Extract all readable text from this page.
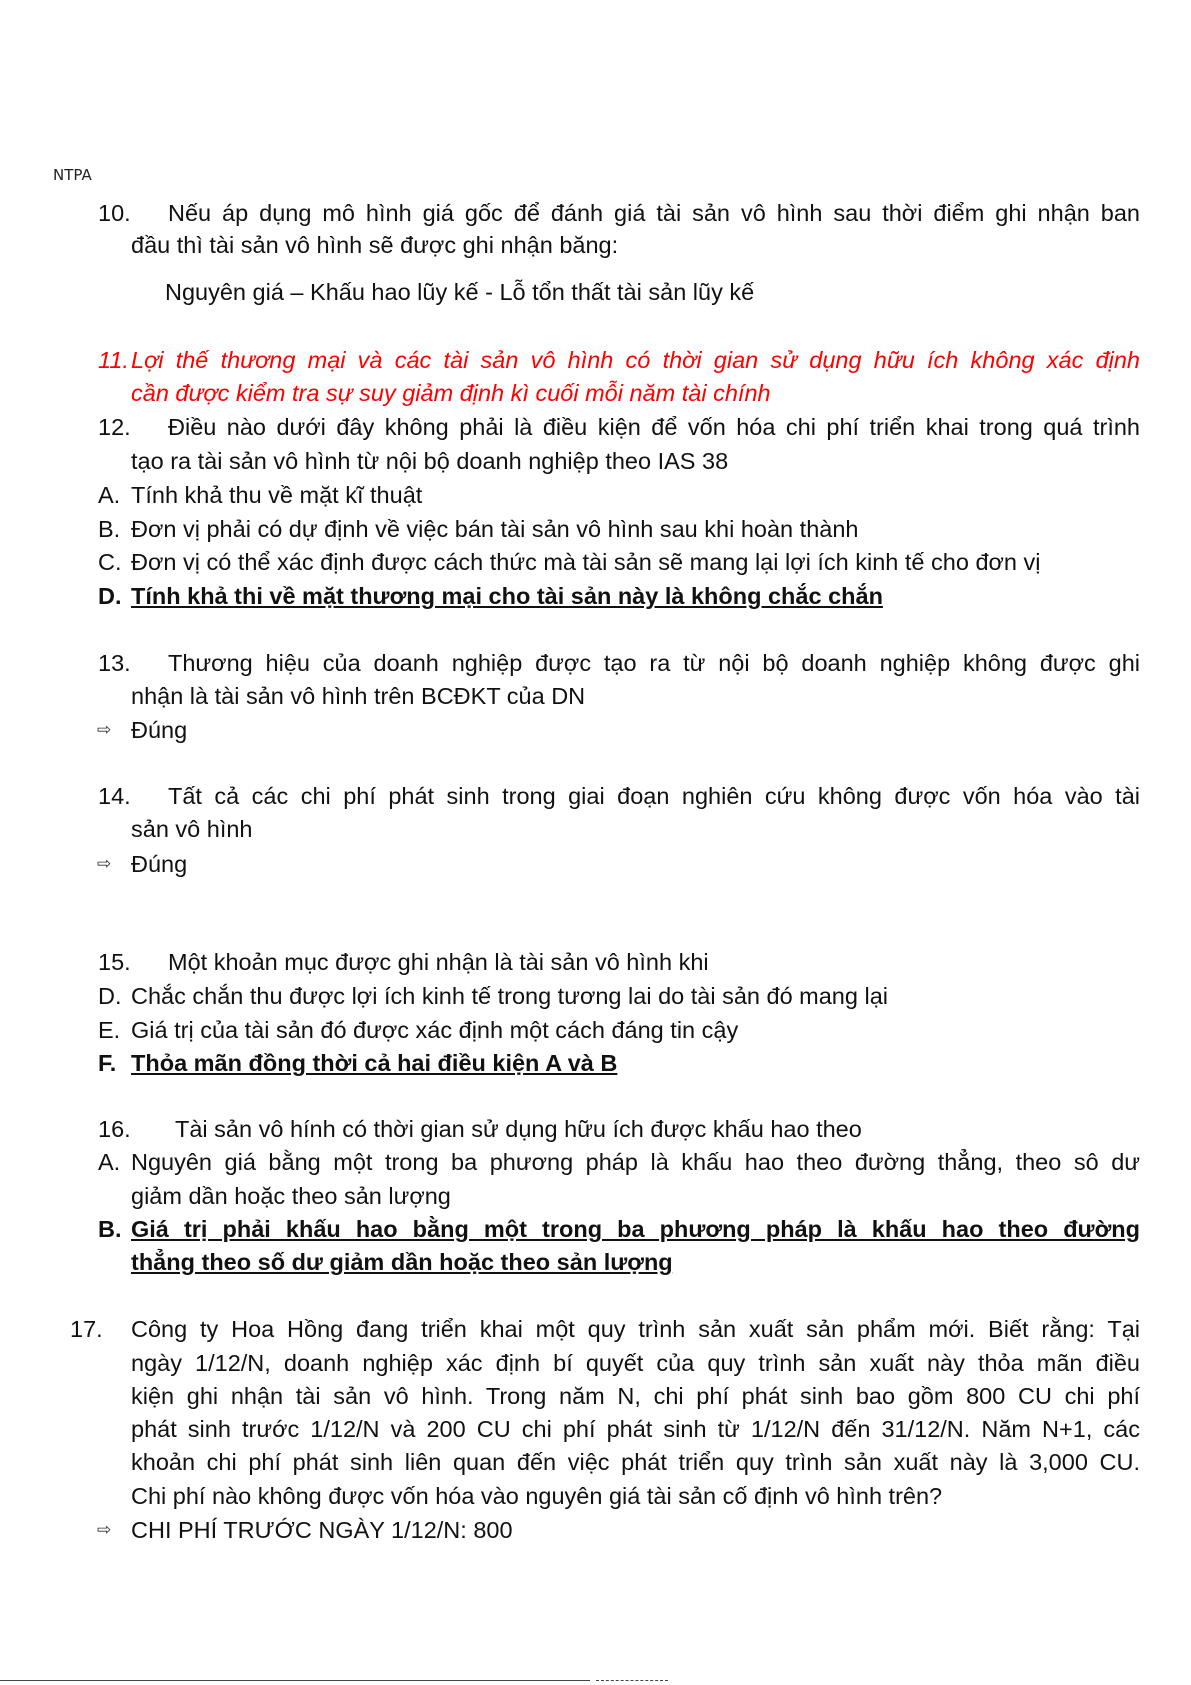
NTPA
10. Nếu áp dụng mô hình giá gốc để đánh giá tài sản vô hình sau thời điểm ghi nhận ban
đầu thì tài sản vô hình sẽ được ghi nhận băng:
Nguyên giá – Khấu hao lũy kế - Lỗ tổn thất tài sản lũy kế
11. Lợi thế thương mại và các tài sản vô hình có thời gian sử dụng hữu ích không xác định
cần được kiểm tra sự suy giảm định kì cuối mỗi năm tài chính
12. Điều nào dưới đây không phải là điều kiện để vốn hóa chi phí triển khai trong quá trình
tạo ra tài sản vô hình từ nội bộ doanh nghiệp theo IAS 38
A. Tính khả thu về mặt kĩ thuật
B. Đơn vị phải có dự định về việc bán tài sản vô hình sau khi hoàn thành
C. Đơn vị có thể xác định được cách thức mà tài sản sẽ mang lại lợi ích kinh tế cho đơn vị
D. Tính khả thi về mặt thương mại cho tài sản này là không chắc chắn
13. Thương hiệu của doanh nghiệp được tạo ra từ nội bộ doanh nghiệp không được ghi
nhận là tài sản vô hình trên BCĐKT của DN
⇨ Đúng
14. Tất cả các chi phí phát sinh trong giai đoạn nghiên cứu không được vốn hóa vào tài
sản vô hình
⇨ Đúng
15. Một khoản mục được ghi nhận là tài sản vô hình khi
D. Chắc chắn thu được lợi ích kinh tế trong tương lai do tài sản đó mang lại
E. Giá trị của tài sản đó được xác định một cách đáng tin cậy
F. Thỏa mãn đồng thời cả hai điều kiện A và B
16. Tài sản vô hính có thời gian sử dụng hữu ích được khấu hao theo
A. Nguyên giá bằng một trong ba phương pháp là khấu hao theo đường thẳng, theo sô dư
giảm dần hoặc theo sản lượng
B. Giá trị phải khấu hao bằng một trong ba phương pháp là khấu hao theo đường
thẳng theo số dư giảm dần hoặc theo sản lượng
17. Công ty Hoa Hồng đang triển khai một quy trình sản xuất sản phẩm mới. Biết rằng: Tại
ngày 1/12/N, doanh nghiệp xác định bí quyết của quy trình sản xuất này thỏa mãn điều
kiện ghi nhận tài sản vô hình. Trong năm N, chi phí phát sinh bao gồm 800 CU chi phí
phát sinh trước 1/12/N và 200 CU chi phí phát sinh từ 1/12/N đến 31/12/N. Năm N+1, các
khoản chi phí phát sinh liên quan đến việc phát triển quy trình sản xuất này là 3,000 CU.
Chi phí nào không được vốn hóa vào nguyên giá tài sản cố định vô hình trên?
⇨ CHI PHÍ TRƯỚC NGÀY 1/12/N: 800
